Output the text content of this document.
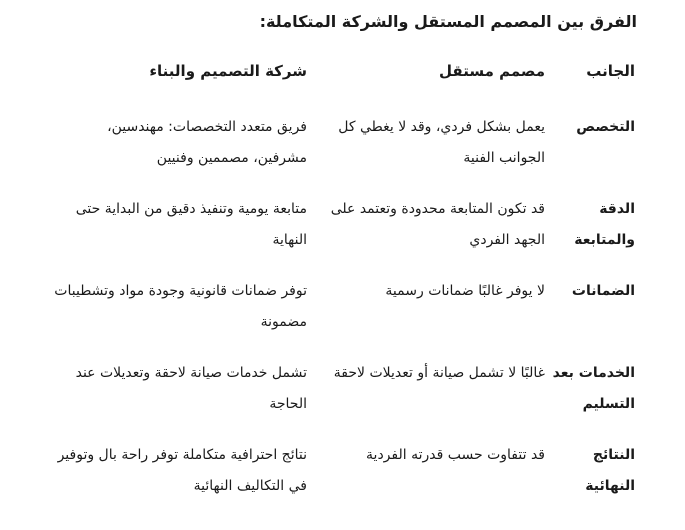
الفرق بين المصمم المستقل والشركة المتكاملة:
الجانب	مصمم مستقل	شركة التصميم والبناء
التخصص	يعمل بشكل فردي، وقد لا يغطي كل الجوانب الفنية	فريق متعدد التخصصات: مهندسين، مشرفين، مصممين وفنيين
الدقة والمتابعة	قد تكون المتابعة محدودة وتعتمد على الجهد الفردي	متابعة يومية وتنفيذ دقيق من البداية حتى النهاية
الضمانات	لا يوفر غالبًا ضمانات رسمية	توفر ضمانات قانونية وجودة مواد وتشطيبات مضمونة
الخدمات بعد التسليم	غالبًا لا تشمل صيانة أو تعديلات لاحقة	تشمل خدمات صيانة لاحقة وتعديلات عند الحاجة
النتائج النهائية	قد تتفاوت حسب قدرته الفردية	نتائج احترافية متكاملة توفر راحة بال وتوفير في التكاليف النهائية
